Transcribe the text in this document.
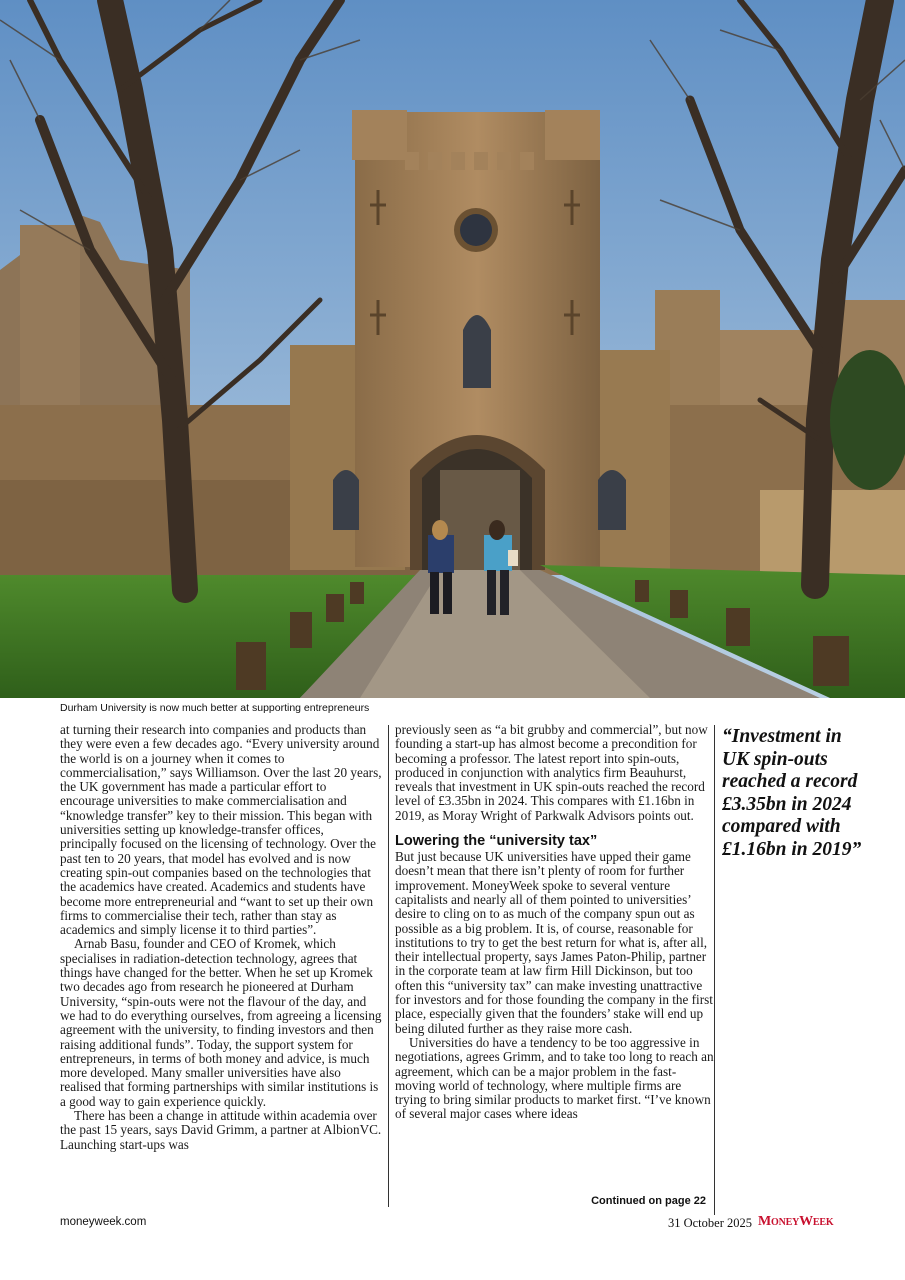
Durham University is now much better at supporting entrepreneurs

at turning their research into companies and products than they were even a few decades ago. “Every university around the world is on a journey when it comes to commercialisation,” says Williamson. Over the last 20 years, the UK government has made a particular effort to encourage universities to make commercialisation and “knowledge transfer” key to their mission. This began with universities setting up knowledge-transfer offices, principally focused on the licensing of technology. Over the past ten to 20 years, that model has evolved and is now creating spin-out companies based on the technologies that the academics have created. Academics and students have become more entrepreneurial and “want to set up their own firms to commercialise their tech, rather than stay as academics and simply license it to third parties”.

Arnab Basu, founder and CEO of Kromek, which specialises in radiation-detection technology, agrees that things have changed for the better. When he set up Kromek two decades ago from research he pioneered at Durham University, “spin-outs were not the flavour of the day, and we had to do everything ourselves, from agreeing a licensing agreement with the university, to finding investors and then raising additional funds”. Today, the support system for entrepreneurs, in terms of both money and advice, is much more developed. Many smaller universities have also realised that forming partnerships with similar institutions is a good way to gain experience quickly.

There has been a change in attitude within academia over the past 15 years, says David Grimm, a partner at AlbionVC. Launching start-ups was

previously seen as “a bit grubby and commercial”, but now founding a start-up has almost become a precondition for becoming a professor. The latest report into spin-outs, produced in conjunction with analytics firm Beauhurst, reveals that investment in UK spin-outs reached the record level of £3.35bn in 2024. This compares with £1.16bn in 2019, as Moray Wright of Parkwalk Advisors points out.

Lowering the “university tax”

But just because UK universities have upped their game doesn’t mean that there isn’t plenty of room for further improvement. MoneyWeek spoke to several venture capitalists and nearly all of them pointed to universities’ desire to cling on to as much of the company spun out as possible as a big problem. It is, of course, reasonable for institutions to try to get the best return for what is, after all, their intellectual property, says James Paton-Philip, partner in the corporate team at law firm Hill Dickinson, but too often this “university tax” can make investing unattractive for investors and for those founding the company in the first place, especially given that the founders’ stake will end up being diluted further as they raise more cash.

Universities do have a tendency to be too aggressive in negotiations, agrees Grimm, and to take too long to reach an agreement, which can be a major problem in the fast-moving world of technology, where multiple firms are trying to bring similar products to market first. “I’ve known of several major cases where ideas

“Investment in UK spin-outs reached a record £3.35bn in 2024 compared with £1.16bn in 2019”
Continued on page 22
moneyweek.com	31 October 2025 MoneyWeek
